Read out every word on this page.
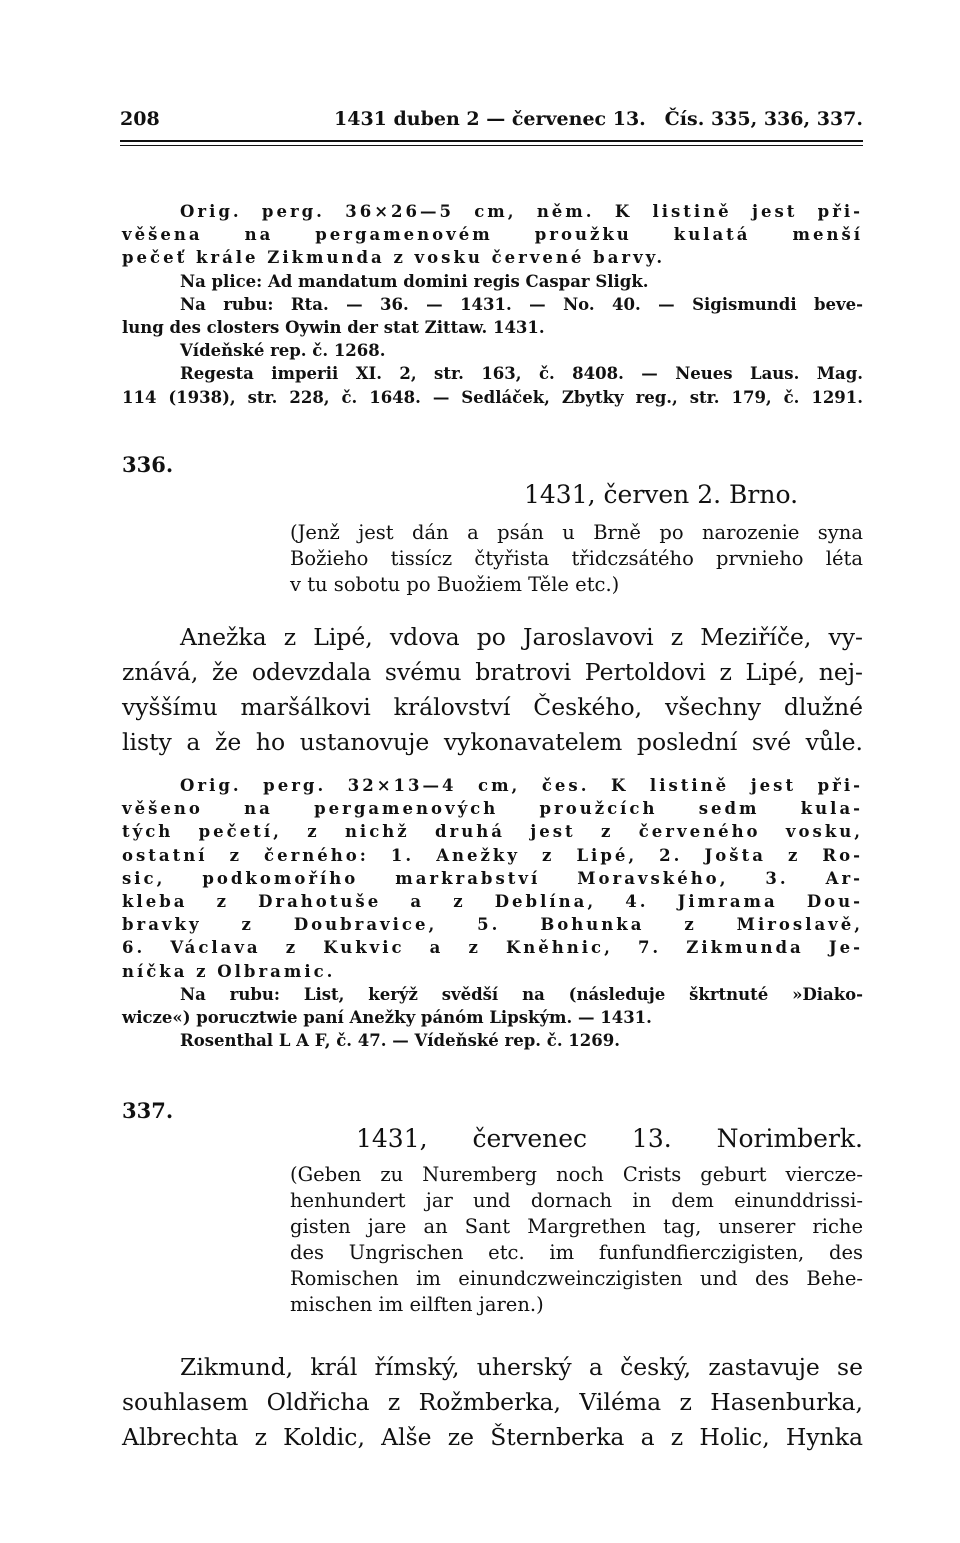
208	1431 duben 2 — červenec 13. Čís. 335, 336, 337.
Orig. perg. 36×26—5 cm, něm. K listině jest při-
věšena na pergamenovém proužku kulatá menší
pečeť krále Zikmunda z vosku červené barvy.
Na plice: Ad mandatum domini regis Caspar Sligk.
Na rubu: Rta. — 36. — 1431. — No. 40. — Sigismundi beve-
lung des closters Oywin der stat Zittaw. 1431.
Vídeňské rep. č. 1268.
Regesta imperii XI. 2, str. 163, č. 8408. — Neues Laus. Mag.
114 (1938), str. 228, č. 1648. — Sedláček, Zbytky reg., str. 179, č. 1291.
336.
1431, červen 2. Brno.
(Jenž jest dán a psán u Brně po narozenie syna
Božieho tissícz čtyřista třidczsátého prvnieho léta
v tu sobotu po Buožiem Těle etc.)
Anežka z Lipé, vdova po Jaroslavovi z Meziříče, vy-
znává, že odevzdala svému bratrovi Pertoldovi z Lipé, nej-
vyššímu maršálkovi království Českého, všechny dlužné
listy a že ho ustanovuje vykonavatelem poslední své vůle.
Orig. perg. 32×13—4 cm, čes. K listině jest při-
věšeno na pergamenových proužcích sedm kula-
tých pečetí, z nichž druhá jest z červeného vosku,
ostatní z černého: 1. Anežky z Lipé, 2. Jošta z Ro-
sic, podkomořího markrabství Moravského, 3. Ar-
kleba z Drahotuše a z Deblína, 4. Jimrama Dou-
bravky z Doubravice, 5. Bohunka z Miroslavě,
6. Václava z Kukvic a z Kněhnic, 7. Zikmunda Je-
níčka z Olbramic.
Na rubu: List, kerýž svědší na (následuje škrtnuté »Diako-
wicze«) porucztwie paní Anežky pánóm Lipským. — 1431.
Rosenthal L A F, č. 47. — Vídeňské rep. č. 1269.
337.
1431, červenec 13. Norimberk.
(Geben zu Nuremberg noch Crists geburt vierczе-
henhundert jar und dornach in dem einunddrissi-
gisten jare an Sant Margrethen tag, unserer riche
des Ungrischen etc. im funfundfierczigisten, des
Romischen im einundczweinczigisten und des Behe-
mischen im eilften jaren.)
Zikmund, král římský, uherský a český, zastavuje se
souhlasem Oldřicha z Rožmberka, Viléma z Hasenburka,
Albrechta z Koldic, Alše ze Šternberka a z Holic, Hynka
